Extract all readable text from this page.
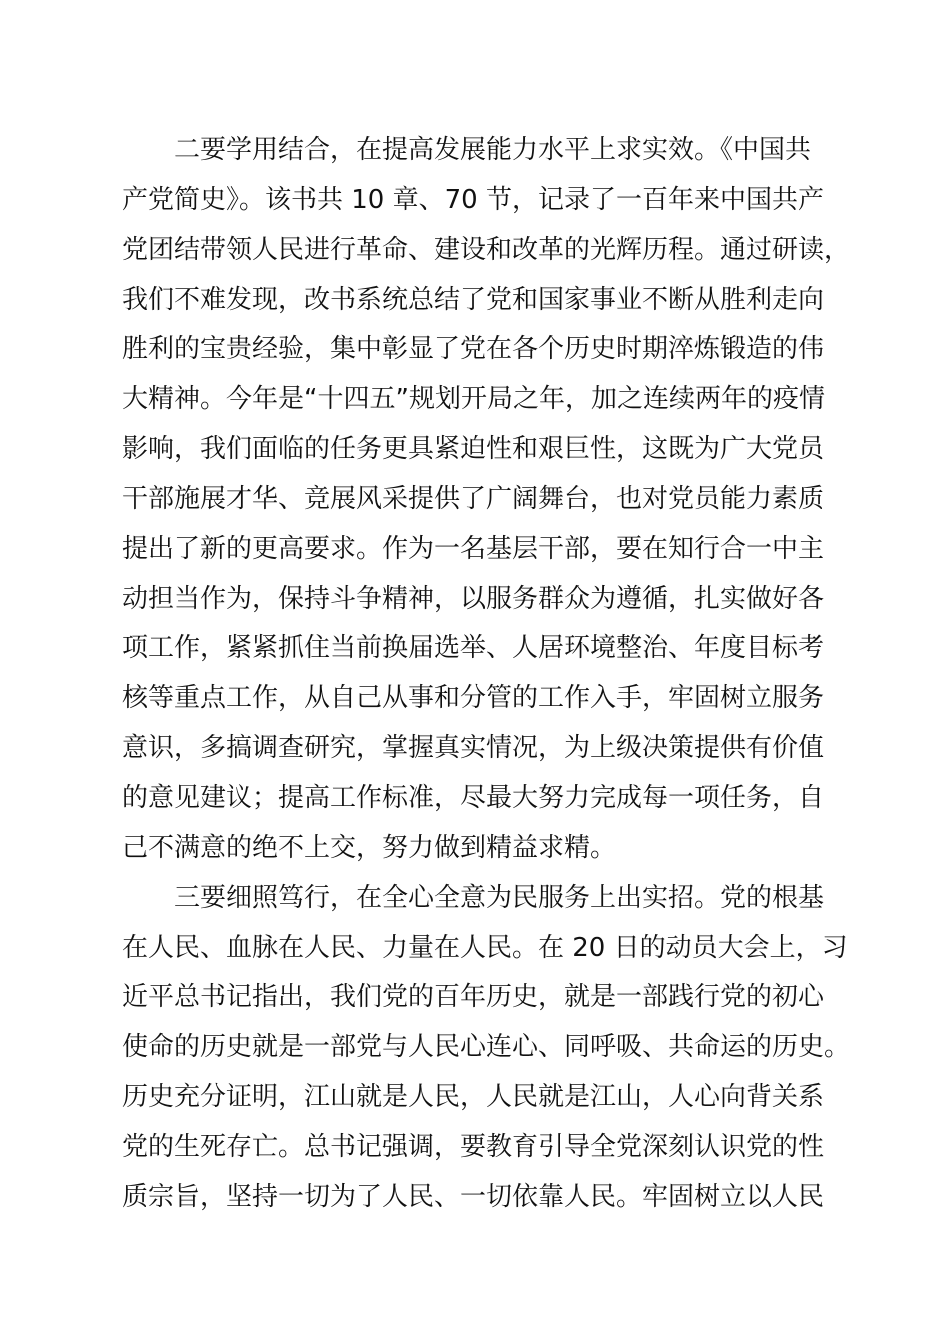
　　二要学用结合，在提高发展能力水平上求实效。《中国共
产党简史》。该书共 10 章、70 节，记录了一百年来中国共产
党团结带领人民进行革命、建设和改革的光辉历程。通过研读，
我们不难发现，改书系统总结了党和国家事业不断从胜利走向
胜利的宝贵经验，集中彰显了党在各个历史时期淬炼锻造的伟
大精神。今年是“十四五”规划开局之年，加之连续两年的疫情
影响，我们面临的任务更具紧迫性和艰巨性，这既为广大党员
干部施展才华、竞展风采提供了广阔舞台，也对党员能力素质
提出了新的更高要求。作为一名基层干部，要在知行合一中主
动担当作为，保持斗争精神，以服务群众为遵循，扎实做好各
项工作，紧紧抓住当前换届选举、人居环境整治、年度目标考
核等重点工作，从自己从事和分管的工作入手，牢固树立服务
意识，多搞调查研究，掌握真实情况，为上级决策提供有价值
的意见建议；提高工作标准，尽最大努力完成每一项任务，自
己不满意的绝不上交，努力做到精益求精。
　　三要细照笃行，在全心全意为民服务上出实招。党的根基
在人民、血脉在人民、力量在人民。在 20 日的动员大会上，习
近平总书记指出，我们党的百年历史，就是一部践行党的初心
使命的历史就是一部党与人民心连心、同呼吸、共命运的历史。
历史充分证明，江山就是人民，人民就是江山，人心向背关系
党的生死存亡。总书记强调，要教育引导全党深刻认识党的性
质宗旨，坚持一切为了人民、一切依靠人民。牢固树立以人民
